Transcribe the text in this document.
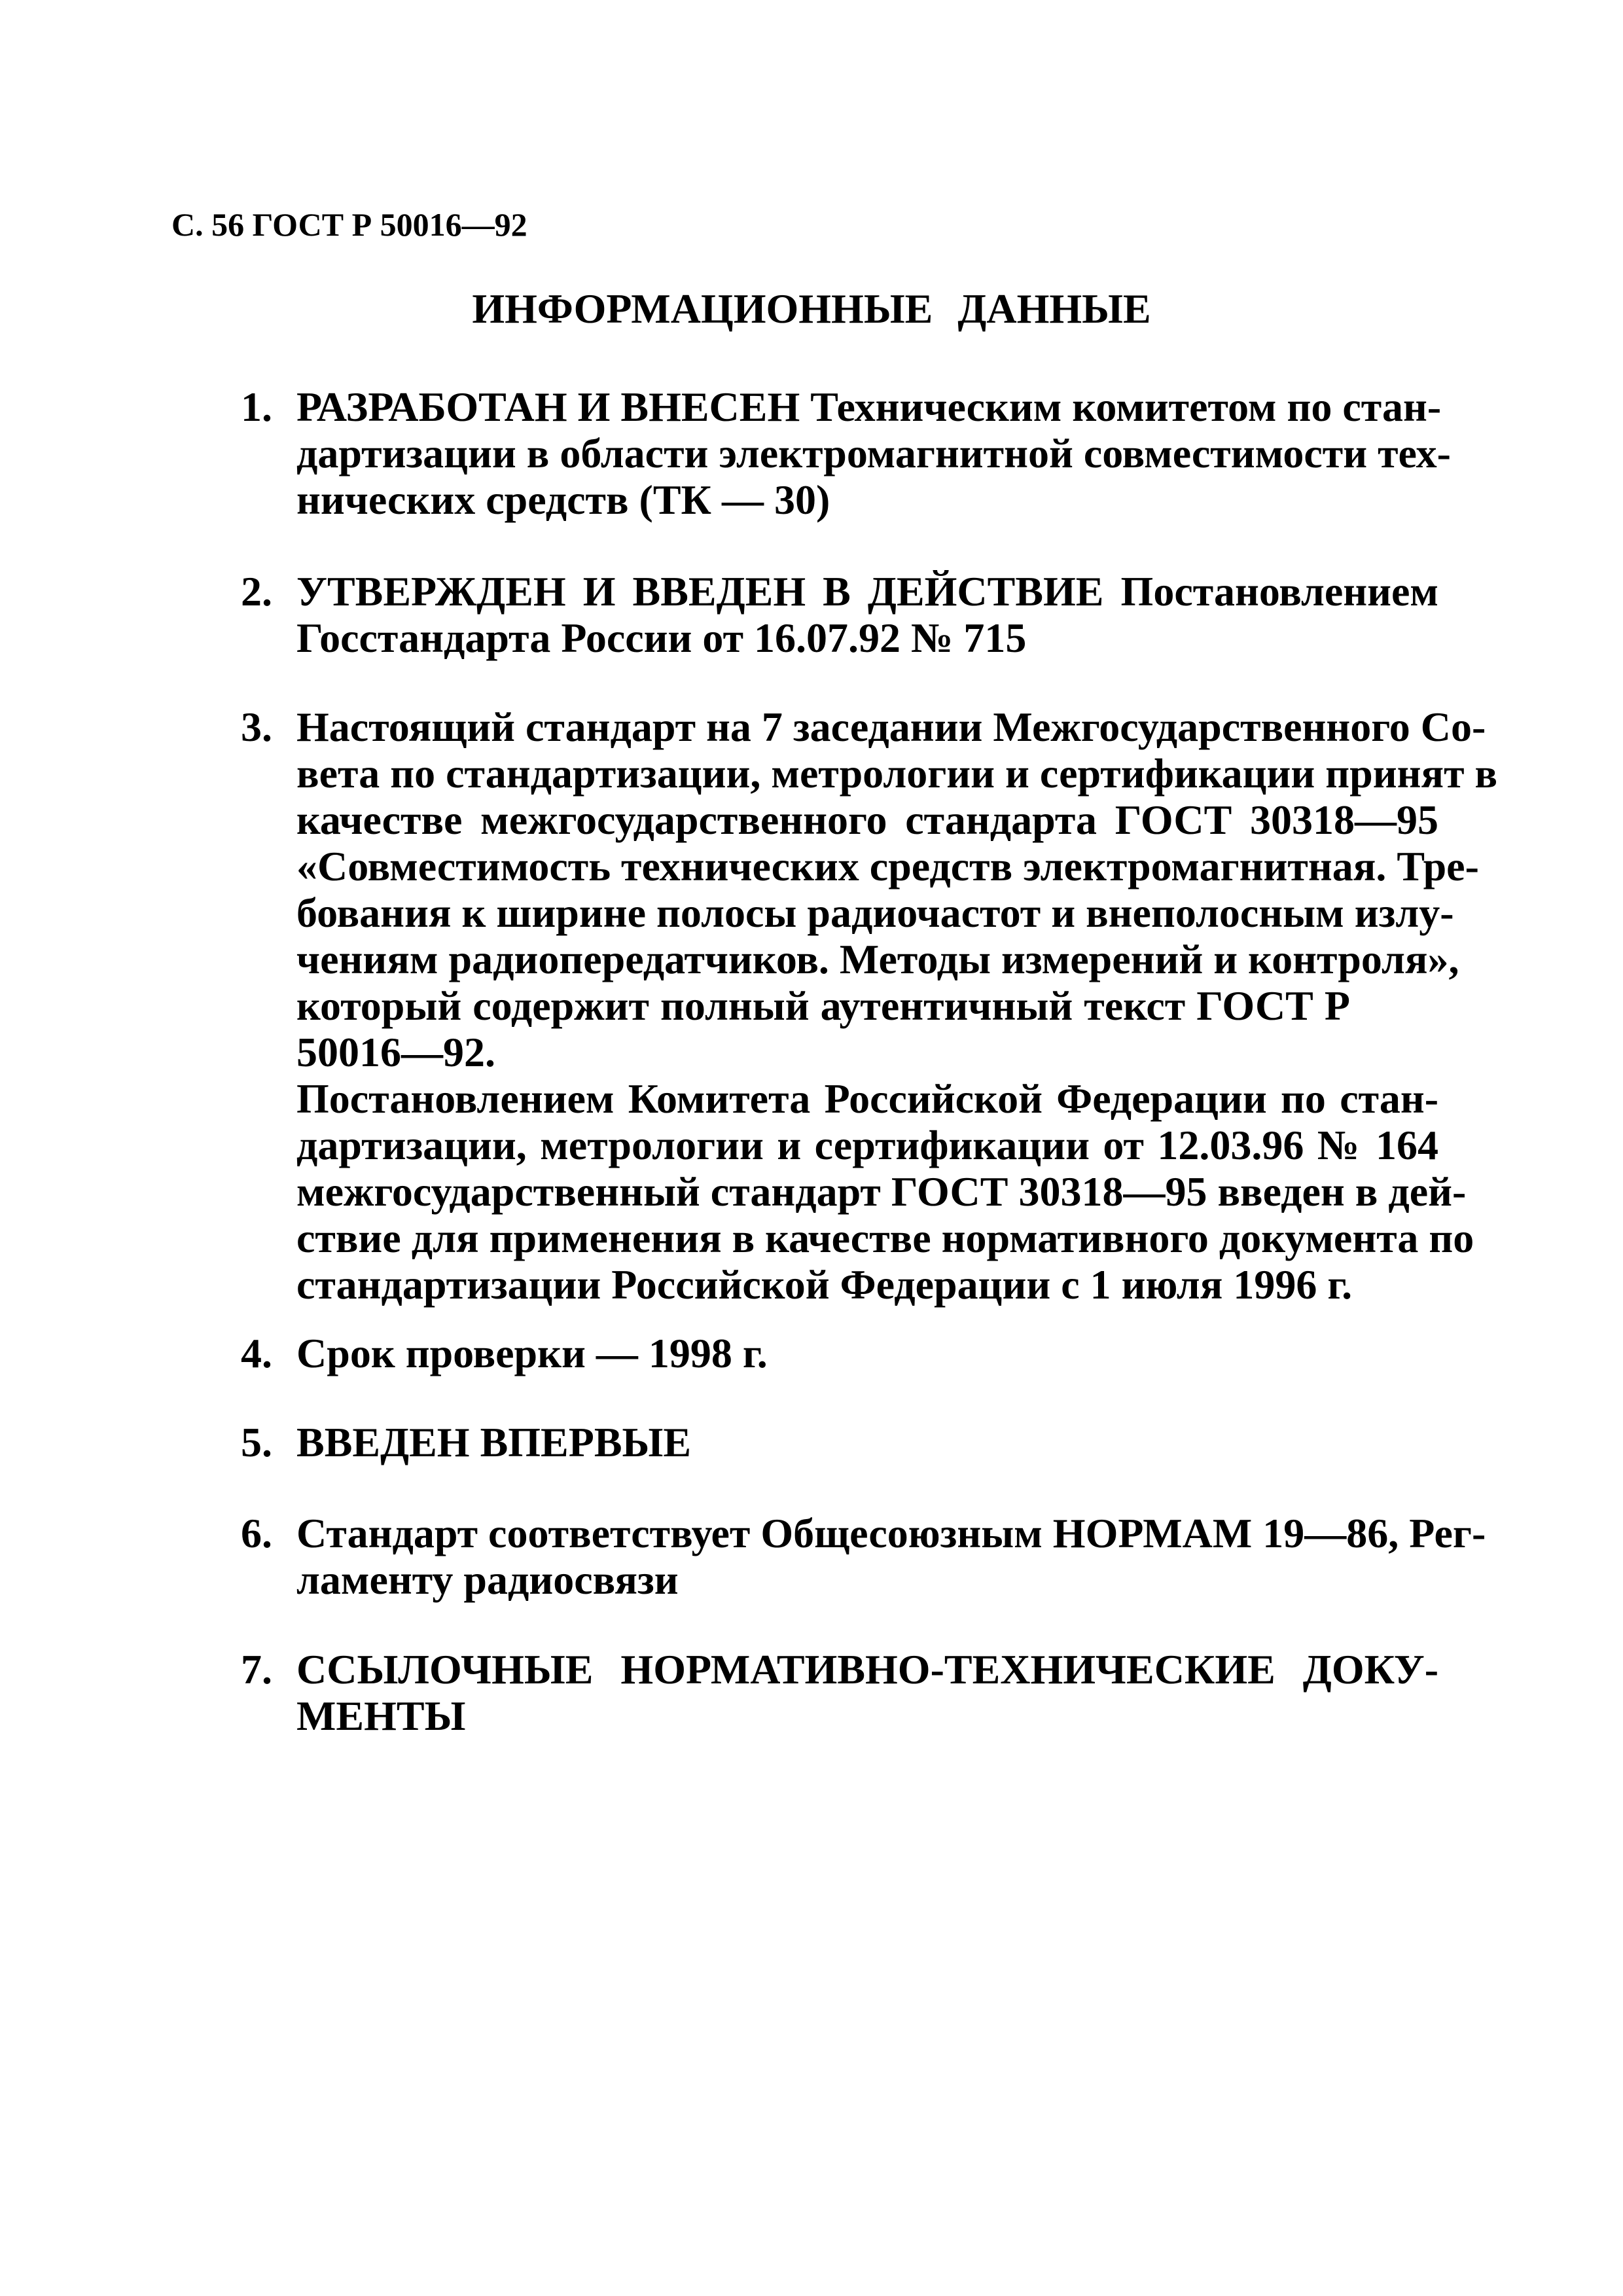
С. 56 ГОСТ Р 50016—92
ИНФОРМАЦИОННЫЕ ДАННЫЕ
1. РАЗРАБОТАН И ВНЕСЕН Техническим комитетом по стан-
дартизации в области электромагнитной совместимости тех-
нических средств (ТК — 30)
2. УТВЕРЖДЕН И ВВЕДЕН В ДЕЙСТВИЕ Постановлением
Госстандарта России от 16.07.92 № 715
3. Настоящий стандарт на 7 заседании Межгосударственного Со-
вета по стандартизации, метрологии и сертификации принят в
качестве межгосударственного стандарта ГОСТ 30318—95
«Совместимость технических средств электромагнитная. Тре-
бования к ширине полосы радиочастот и внеполосным излу-
чениям радиопередатчиков. Методы измерений и контроля»,
который содержит полный аутентичный текст ГОСТ Р
50016—92.
Постановлением Комитета Российской Федерации по стан-
дартизации, метрологии и сертификации от 12.03.96 № 164
межгосударственный стандарт ГОСТ 30318—95 введен в дей-
ствие для применения в качестве нормативного документа по
стандартизации Российской Федерации с 1 июля 1996 г.
4. Срок проверки — 1998 г.
5. ВВЕДЕН ВПЕРВЫЕ
6. Стандарт соответствует Общесоюзным НОРМАМ 19—86, Рег-
ламенту радиосвязи
7. ССЫЛОЧНЫЕ НОРМАТИВНО-ТЕХНИЧЕСКИЕ ДОКУ-
МЕНТЫ
